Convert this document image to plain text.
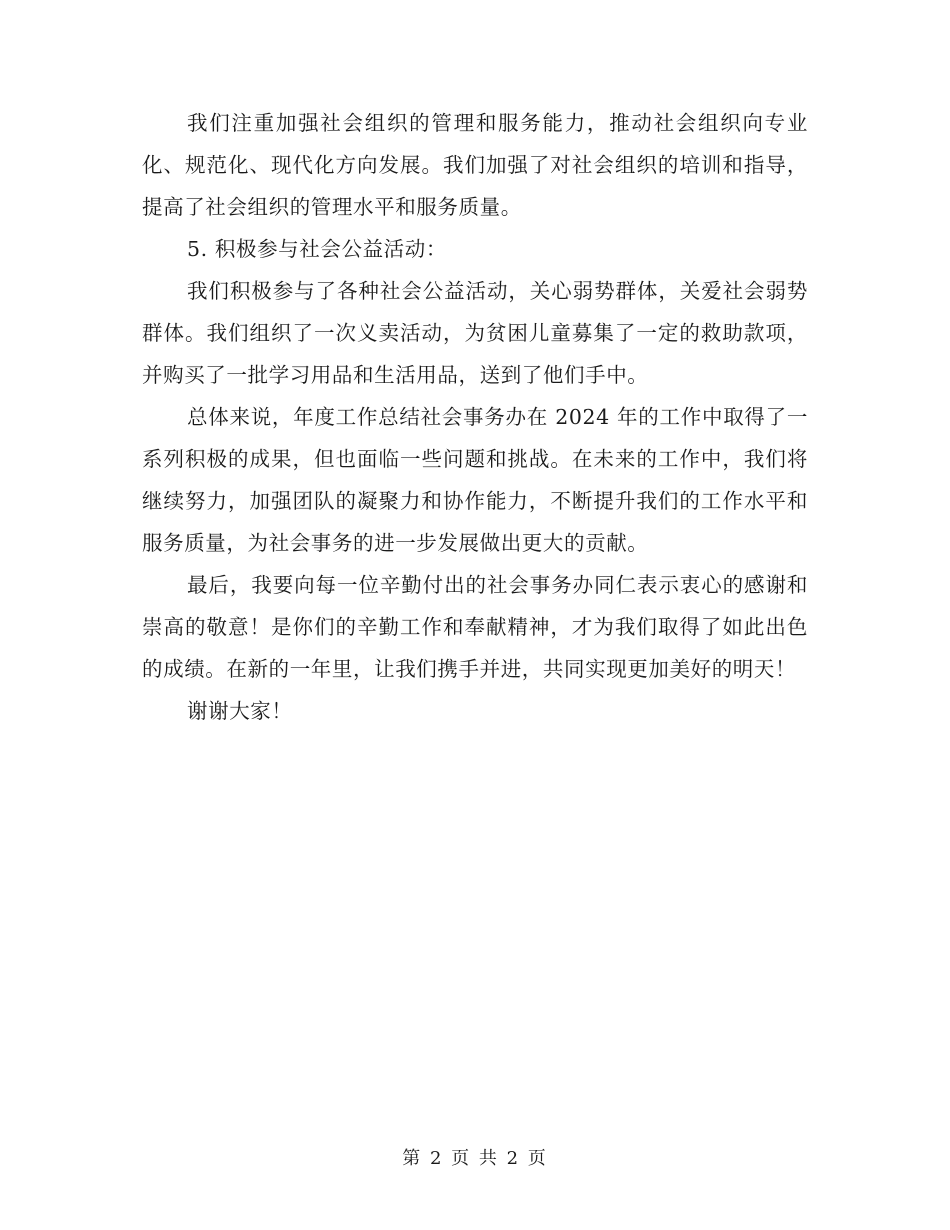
我们注重加强社会组织的管理和服务能力，推动社会组织向专业化、规范化、现代化方向发展。我们加强了对社会组织的培训和指导，提高了社会组织的管理水平和服务质量。

5. 积极参与社会公益活动：

我们积极参与了各种社会公益活动，关心弱势群体，关爱社会弱势群体。我们组织了一次义卖活动，为贫困儿童募集了一定的救助款项，并购买了一批学习用品和生活用品，送到了他们手中。

总体来说，年度工作总结社会事务办在 2024 年的工作中取得了一系列积极的成果，但也面临一些问题和挑战。在未来的工作中，我们将继续努力，加强团队的凝聚力和协作能力，不断提升我们的工作水平和服务质量，为社会事务的进一步发展做出更大的贡献。

最后，我要向每一位辛勤付出的社会事务办同仁表示衷心的感谢和崇高的敬意！是你们的辛勤工作和奉献精神，才为我们取得了如此出色的成绩。在新的一年里，让我们携手并进，共同实现更加美好的明天！

谢谢大家！

第 2 页 共 2 页
